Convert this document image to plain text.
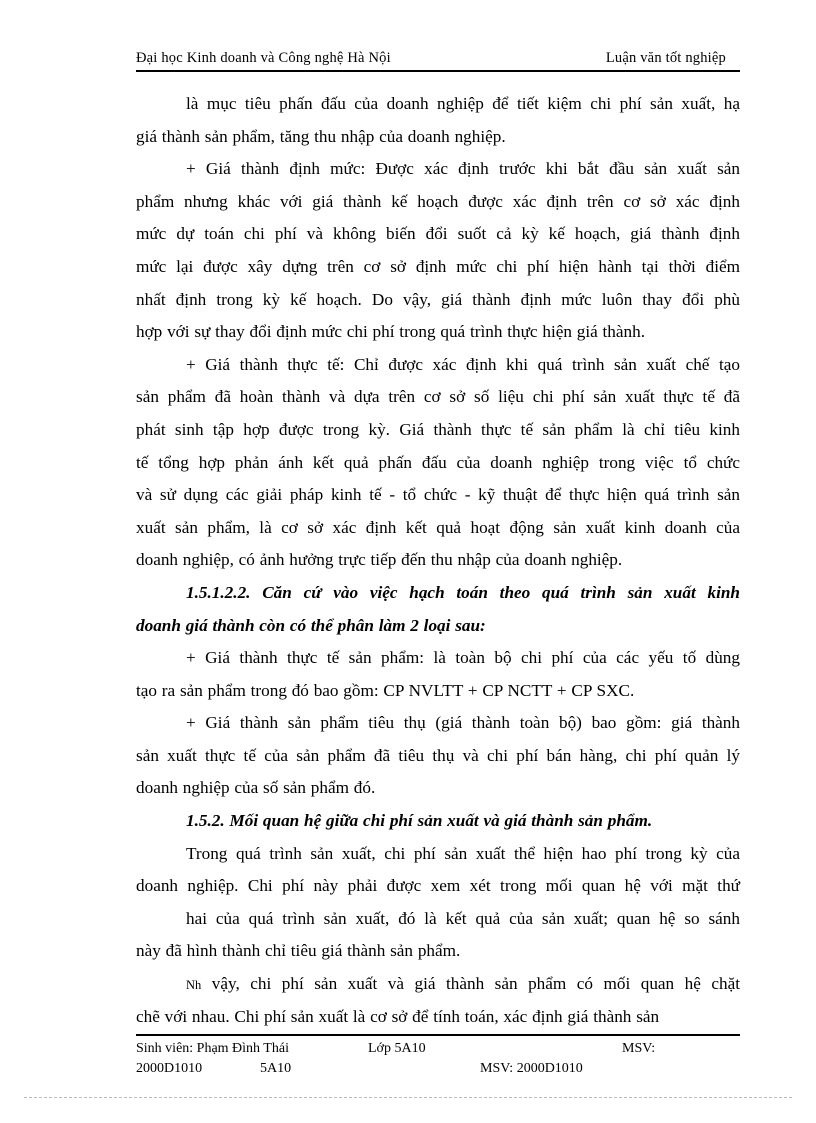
Đại học Kinh doanh và Công nghệ Hà Nội	Luận văn tốt nghiệp
là mục tiêu phấn đấu của doanh nghiệp để tiết kiệm chi phí sản xuất, hạ
giá thành sản phẩm, tăng thu nhập của doanh nghiệp.
+ Giá thành định mức: Được xác định trước khi bắt đầu sản xuất sản
phẩm nhưng khác với giá thành kế hoạch được xác định trên cơ sở xác định
mức dự toán chi phí và không biến đổi suốt cả kỳ kế hoạch, giá thành định
mức lại được xây dựng trên cơ sở định mức chi phí hiện hành tại thời điểm
nhất định trong kỳ kế hoạch. Do vậy, giá thành định mức luôn thay đổi phù
hợp với sự thay đổi định mức chi phí trong quá trình thực hiện giá thành.
+ Giá thành thực tế: Chỉ được xác định khi quá trình sản xuất chế tạo
sản phẩm đã hoàn thành và dựa trên cơ sở số liệu chi phí sản xuất thực tế đã
phát sinh tập hợp được trong kỳ. Giá thành thực tế sản phẩm là chỉ tiêu kinh
tế tổng hợp phản ánh kết quả phấn đấu của doanh nghiệp trong việc tổ chức
và sử dụng các giải pháp kinh tế - tổ chức - kỹ thuật để thực hiện quá trình sản
xuất sản phẩm, là cơ sở xác định kết quả hoạt động sản xuất kinh doanh của
doanh nghiệp, có ảnh hưởng trực tiếp đến thu nhập của doanh nghiệp.
1.5.1.2.2. Căn cứ vào việc hạch toán theo quá trình sản xuất kinh
doanh giá thành còn có thể phân làm 2 loại sau:
+ Giá thành thực tế sản phẩm: là toàn bộ chi phí của các yếu tố dùng
tạo ra sản phẩm trong đó bao gồm: CP NVLTT + CP NCTT + CP SXC.
+ Giá thành sản phẩm tiêu thụ (giá thành toàn bộ) bao gồm: giá thành
sản xuất thực tế của sản phẩm đã tiêu thụ và chi phí bán hàng, chi phí quản lý
doanh nghiệp của số sản phẩm đó.
1.5.2. Mối quan hệ giữa chi phí sản xuất và giá thành sản phẩm.
Trong quá trình sản xuất, chi phí sản xuất thể hiện hao phí trong kỳ của
doanh nghiệp. Chi phí này phải được xem xét trong mối quan hệ với mặt thứ
hai của quá trình sản xuất, đó là kết quả của sản xuất; quan hệ so sánh
này đã hình thành chỉ tiêu giá thành sản phẩm.
Nh vậy, chi phí sản xuất và giá thành sản phẩm có mối quan hệ chặt
chẽ với nhau. Chi phí sản xuất là cơ sở để tính toán, xác định giá thành sản
Sinh viên: Phạm Đình Thái	Lớp 5A10	MSV:
2000D1010	5A10	MSV: 2000D1010
